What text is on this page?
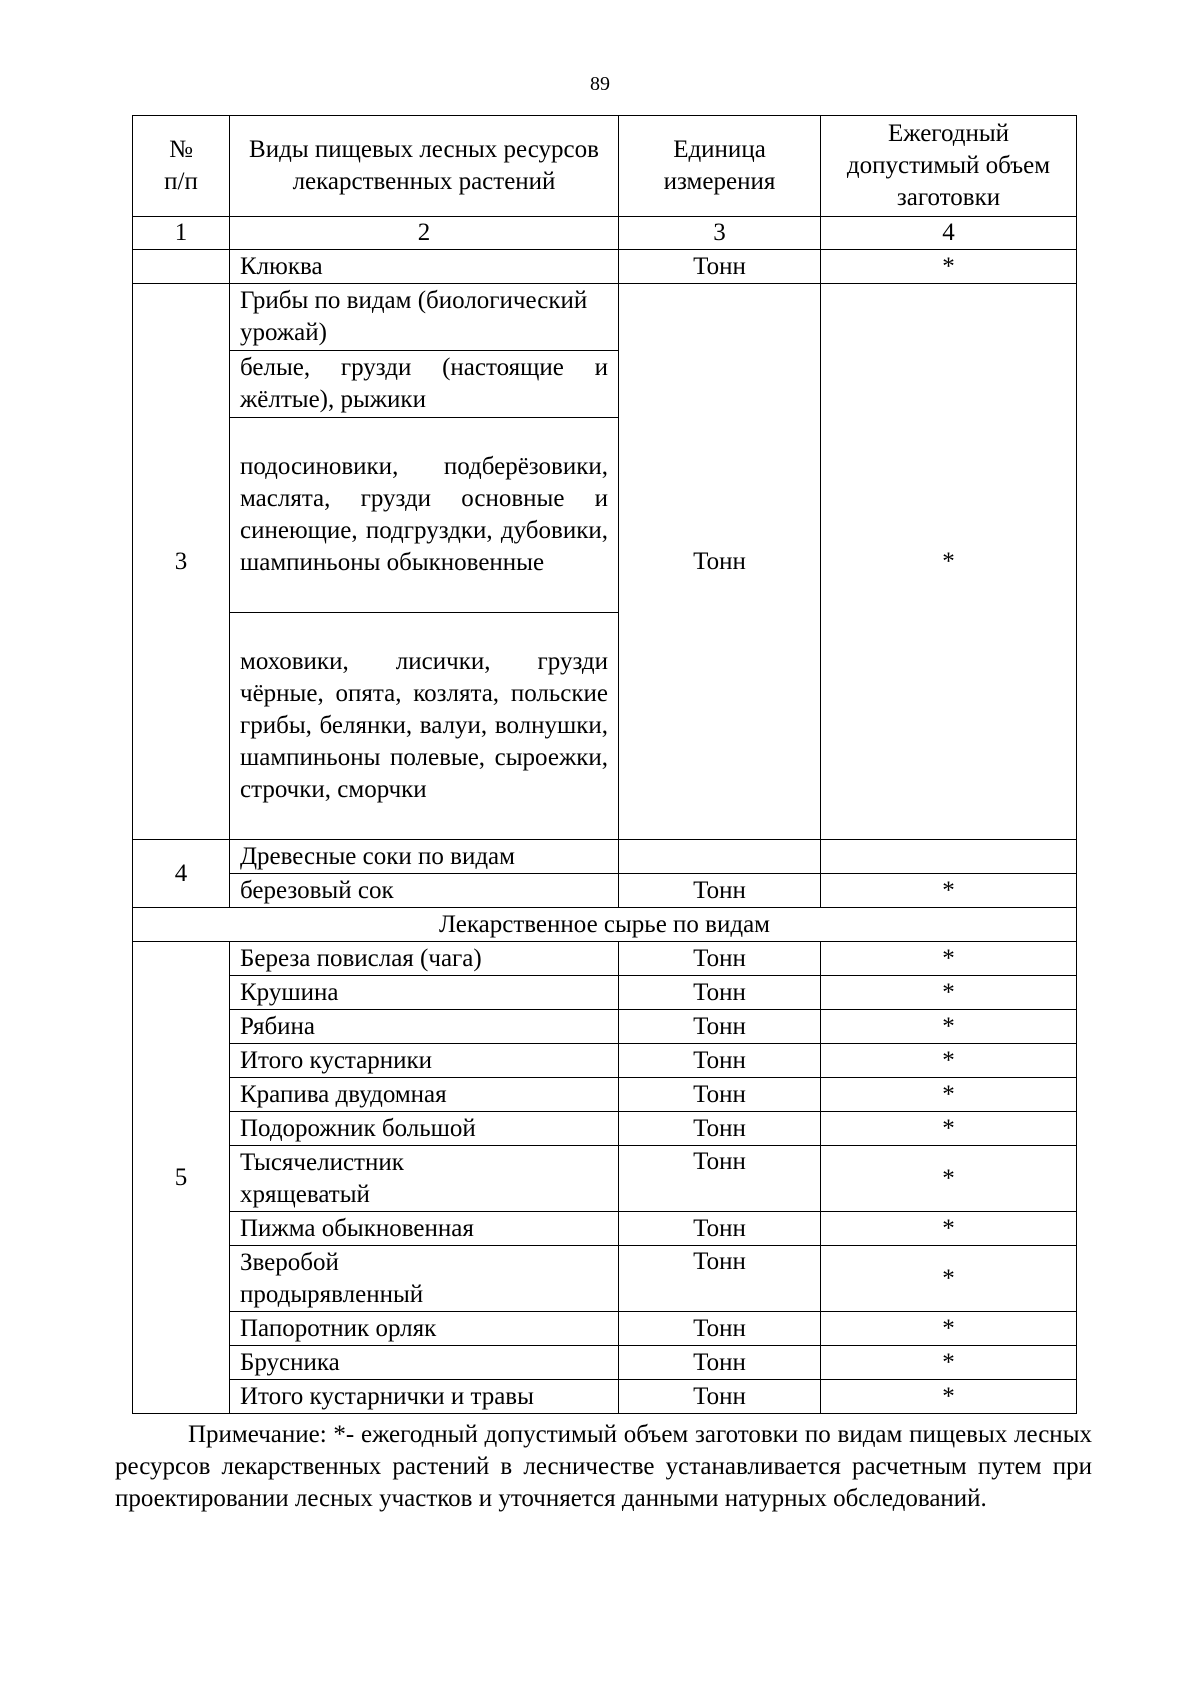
89
№ п/п	Виды пищевых лесных ресурсов лекарственных растений	Единица измерения	Ежегодный допустимый объем заготовки
1	2	3	4
	Клюква	Тонн	*
3	Грибы по видам (биологический урожай)	Тонн	*
	белые, грузди (настоящие и жёлтые), рыжики		
	подосиновики, подберёзовики, маслята, грузди основные и синеющие, подгруздки, дубовики, шампиньоны обыкновенные		
	моховики, лисички, грузди чёрные, опята, козлята, польские грибы, белянки, валуи, волнушки, шампиньоны полевые, сыроежки, строчки, сморчки		
4	Древесные соки по видам		
	березовый сок	Тонн	*
Лекарственное сырье по видам			
5	Береза повислая (чага)	Тонн	*
	Крушина	Тонн	*
	Рябина	Тонн	*
	Итого кустарники	Тонн	*
	Крапива двудомная	Тонн	*
	Подорожник большой	Тонн	*
	Тысячелистник хрящеватый	Тонн	*
	Пижма обыкновенная	Тонн	*
	Зверобой продырявленный	Тонн	*
	Папоротник орляк	Тонн	*
	Брусника	Тонн	*
	Итого кустарнички и травы	Тонн	*
Примечание: *- ежегодный допустимый объем заготовки по видам пищевых лесных ресурсов лекарственных растений в лесничестве устанавливается расчетным путем при проектировании лесных участков и уточняется данными натурных обследований.
